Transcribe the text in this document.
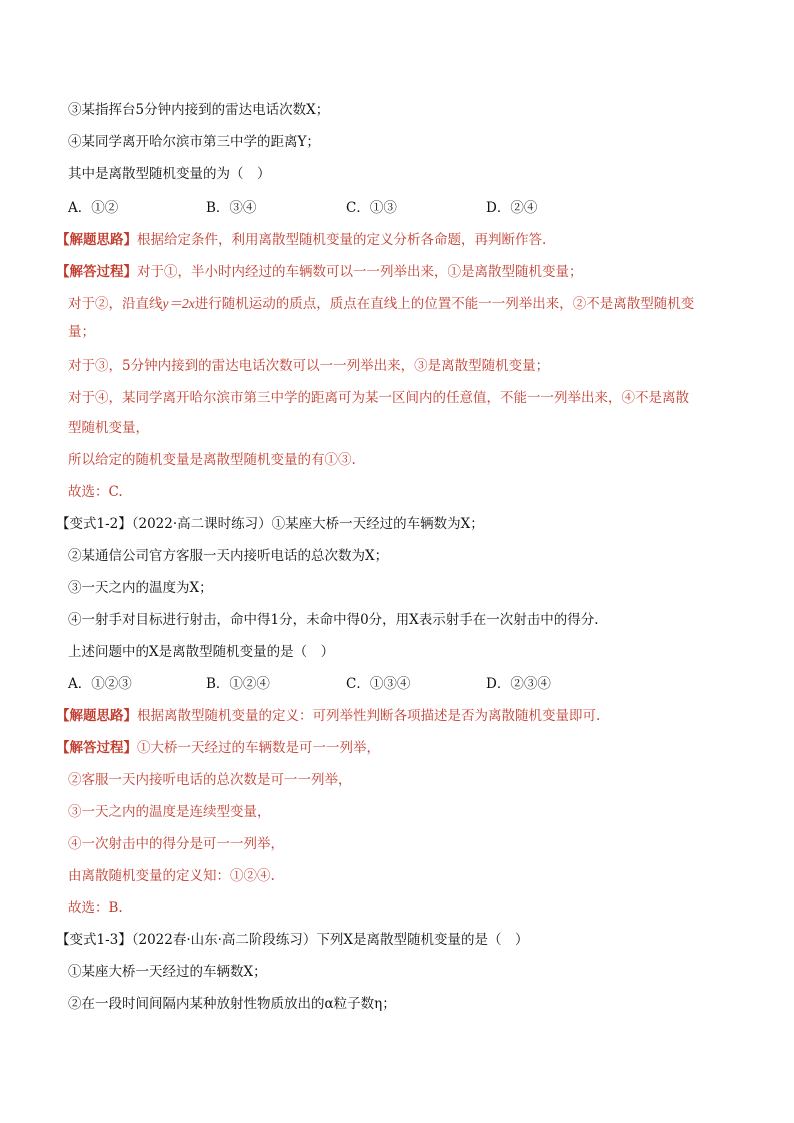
③某指挥台5分钟内接到的雷达电话次数X；
④某同学离开哈尔滨市第三中学的距离Y；
其中是离散型随机变量的为（　）
A．①②	B．③④	C．①③	D．②④
【解题思路】根据给定条件，利用离散型随机变量的定义分析各命题，再判断作答.
【解答过程】对于①，半小时内经过的车辆数可以一一列举出来，①是离散型随机变量；
对于②，沿直线y＝2x进行随机运动的质点，质点在直线上的位置不能一一列举出来，②不是离散型随机变
量；
对于③，5分钟内接到的雷达电话次数可以一一列举出来，③是离散型随机变量；
对于④，某同学离开哈尔滨市第三中学的距离可为某一区间内的任意值，不能一一列举出来，④不是离散
型随机变量，
所以给定的随机变量是离散型随机变量的有①③.
故选：C.
【变式1-2】（2022·高二课时练习）①某座大桥一天经过的车辆数为X；
②某通信公司官方客服一天内接听电话的总次数为X；
③一天之内的温度为X；
④一射手对目标进行射击，命中得1分，未命中得0分，用X表示射手在一次射击中的得分.
上述问题中的X是离散型随机变量的是（　）
A．①②③	B．①②④	C．①③④	D．②③④
【解题思路】根据离散型随机变量的定义：可列举性判断各项描述是否为离散随机变量即可.
【解答过程】①大桥一天经过的车辆数是可一一列举，
②客服一天内接听电话的总次数是可一一列举，
③一天之内的温度是连续型变量，
④一次射击中的得分是可一一列举，
由离散随机变量的定义知：①②④.
故选：B.
【变式1-3】（2022春·山东·高二阶段练习）下列X是离散型随机变量的是（　）
①某座大桥一天经过的车辆数X；
②在一段时间间隔内某种放射性物质放出的α粒子数η；
